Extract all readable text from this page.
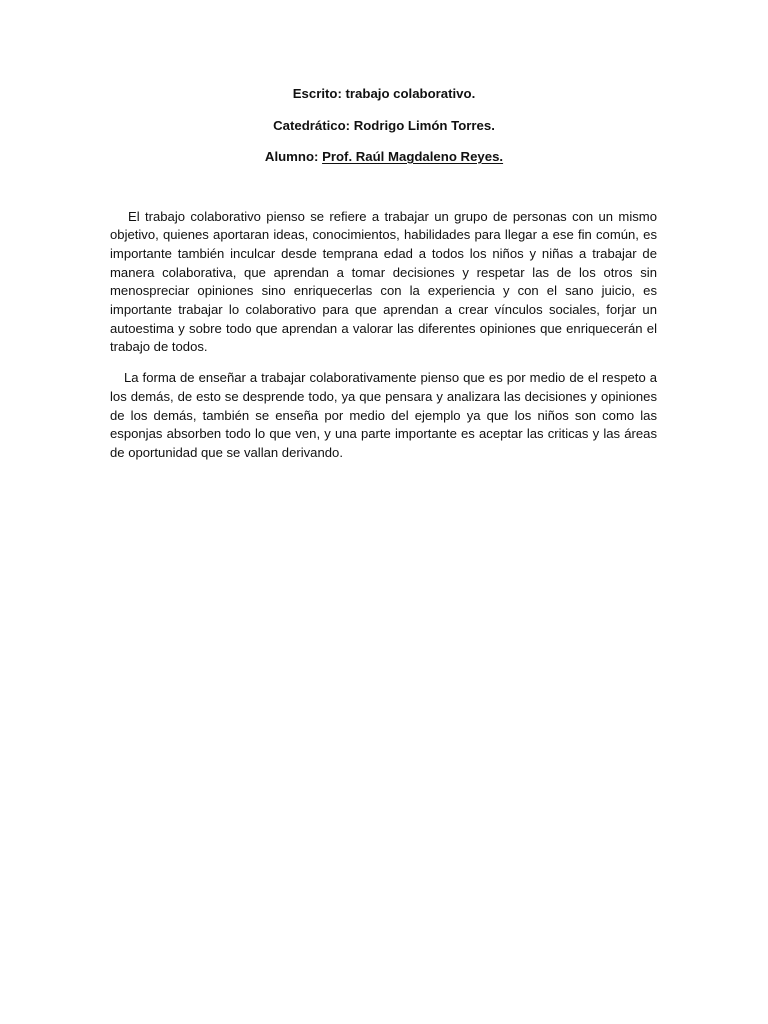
Escrito: trabajo colaborativo.
Catedrático: Rodrigo Limón Torres.
Alumno: Prof. Raúl Magdaleno Reyes.

El trabajo colaborativo pienso se refiere a trabajar un grupo de personas con un mismo objetivo, quienes aportaran ideas, conocimientos, habilidades para llegar a ese fin común, es importante también inculcar desde temprana edad a todos los niños y niñas a trabajar de manera colaborativa, que aprendan a tomar decisiones y respetar las de los otros sin menospreciar opiniones sino enriquecerlas con la experiencia y con el sano juicio, es importante trabajar lo colaborativo para que aprendan a crear vínculos sociales, forjar un autoestima y sobre todo que aprendan a valorar las diferentes opiniones que enriquecerán el trabajo de todos.

La forma de enseñar a trabajar colaborativamente pienso que es por medio de el respeto a los demás, de esto se desprende todo, ya que pensara y analizara las decisiones y opiniones de los demás, también se enseña por medio del ejemplo ya que los niños son como las esponjas absorben todo lo que ven, y una parte importante es aceptar las criticas y las áreas de oportunidad que se vallan derivando.
